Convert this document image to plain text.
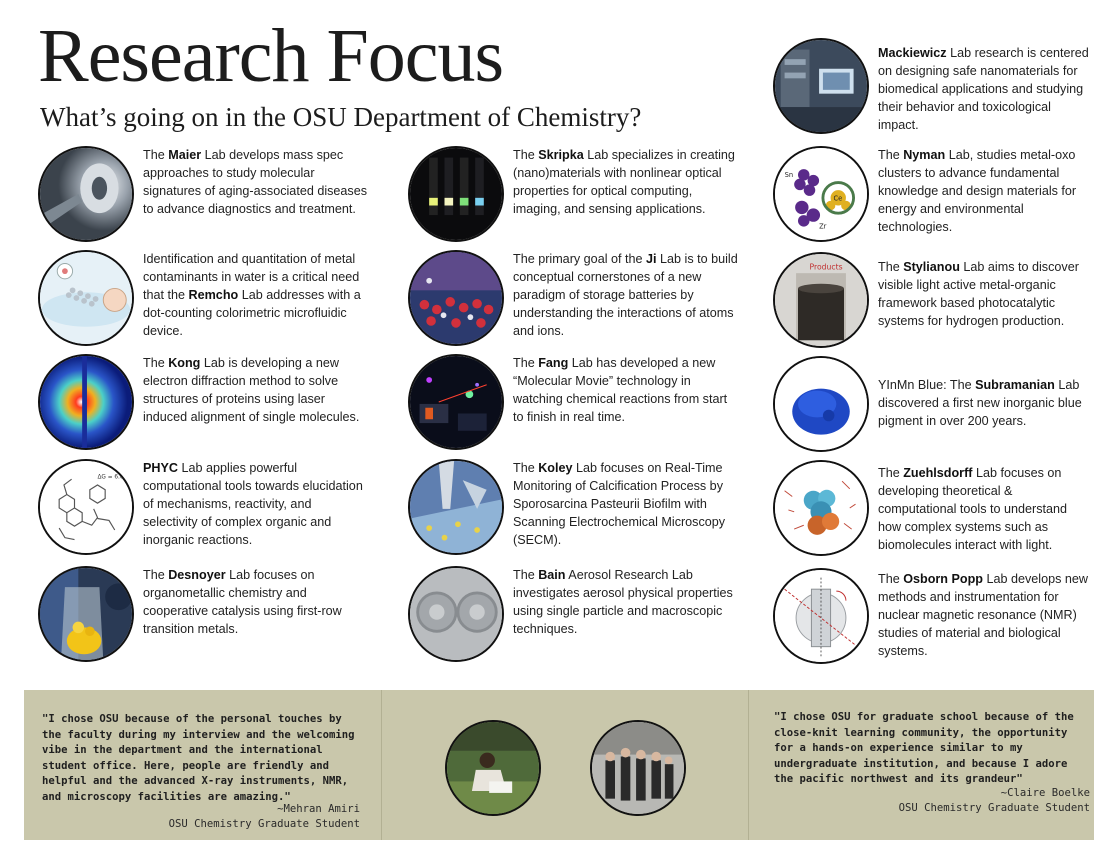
Research Focus
What’s going on in the OSU Department of Chemistry?
The Maier Lab develops mass spec approaches to study molecular signatures of aging-associated diseases to advance diagnostics and treatment.
Identification and quantitation of metal contaminants in water is a critical need that the Remcho Lab addresses with a dot-counting colorimetric microfluidic device.
The Kong Lab is developing a new electron diffraction method to solve structures of proteins using laser induced alignment of single molecules.
ΔG = 6.0
PHYC Lab applies powerful computational tools towards elucidation of mechanisms, reactivity, and selectivity of complex organic and inorganic reactions.
The Desnoyer Lab focuses on organometallic chemistry and cooperative catalysis using first-row transition metals.
The Skripka Lab specializes in creating (nano)materials with nonlinear optical properties for optical computing, imaging, and sensing applications.
The primary goal of the Ji Lab is to build conceptual cornerstones of a new paradigm of storage batteries by understanding the interactions of atoms and ions.
The Fang Lab has developed a new “Molecular Movie” technology in watching chemical reactions from start to finish in real time.
The Koley Lab focuses on Real-Time Monitoring of Calcification Process by Sporosarcina Pasteurii Biofilm with Scanning Electrochemical Microscopy (SECM).
The Bain Aerosol Research Lab investigates aerosol physical properties using single particle and macroscopic techniques.
Mackiewicz Lab research is centered on designing safe nanomaterials for biomedical applications and studying their behavior and toxicological impact.
Sn
Ce
Zr
The Nyman Lab, studies metal-oxo clusters to advance fundamental knowledge and design materials for energy and environmental technologies.
Products	The Stylianou Lab aims to discover visible light active metal-organic framework based photocatalytic systems for hydrogen production.
YInMn Blue: The Subramanian Lab discovered a first new inorganic blue pigment in over 200 years.
The Zuehlsdorff Lab focuses on developing theoretical & computational tools to understand how complex systems such as biomolecules interact with light.
The Osborn Popp Lab develops new methods and instrumentation for nuclear magnetic resonance (NMR) studies of material and biological systems.

"I chose OSU because of the personal touches by the faculty during my interview and the welcoming vibe in the department and the international student office. Here, people are friendly and helpful and the advanced X-ray instruments, NMR, and microscopy facilities are amazing."

~Mehran Amiri
OSU Chemistry Graduate Student

"I chose OSU for graduate school because of the close-knit learning community, the opportunity for a hands-on experience similar to my undergraduate institution, and because I adore the pacific northwest and its grandeur"

~Claire Boelke
OSU Chemistry Graduate Student
